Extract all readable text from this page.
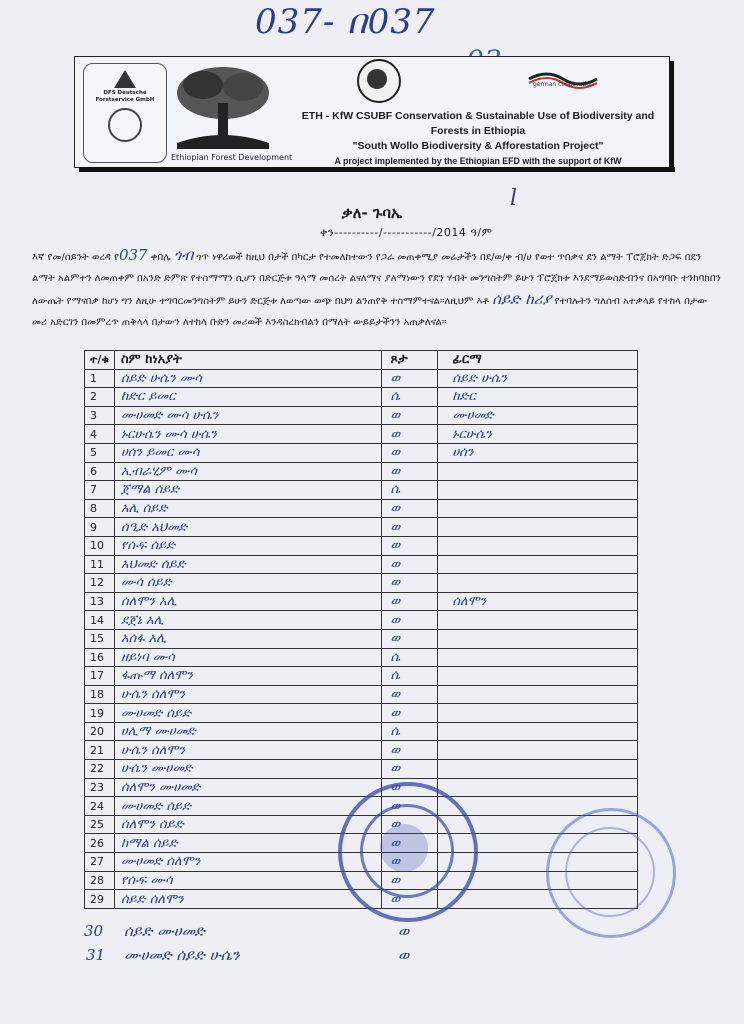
037- በ037
DFS Deutsche Forstservice GmbH
Ethiopian Forest Development
german cooperation
ETH - KfW CSUBF Conservation & Sustainable Use of Biodiversity and Forests in Ethiopia
"South Wollo Biodiversity & Afforestation Project"
A project implemented by the Ethiopian EFD with the support of KfW
l
ቃለ- ጉባኤ
ቀን----------/-----------/2014 ዓ/ም
እኛ የመ/ሰይንት ወረዳ የ037 ቀበሌ ጎብ ጎጥ ነዋሪወች ከዚህ በታች በካርታ የተመለከተውን የጋራ መጠቀሚያ መሬታችን በደ/ወ/ቀ ብ/ሀ የወተ ጥበቃና ደን ልማት ፐሮጀክት ድጋፍ በደን ልማት አልምተን ለመጠቀም በአንድ ድምጽ የተስማማን ሲሆን በድርጅቱ ዓላማ መሰረት ልናለማና ያለማነውን የደን ሃብት መንግስትም ይሁን ፕሮጀክቱ እንደማይወስድብንና በአግባቡ ተንከባክበን ለውጤት የማናበቃ ከሆነ ግን ለዚሁ ተግባርመንግስትም ይሁን ድርጅቱ ለወጣው ወጭ በህግ ልንጠየቅ ተስማምተናል።ለዚህም እቶ ሰይድ ከሪያ የተባሉትን ግለሰብ አተቃላይ የተከላ በታው መሪ አድርገን በመምረጥ ጠቅላላ በታውን ለተከላ ቡድን መሪወች እንዳስረክብልን በማለት ውይይታችንን አጠቃለናል።
ተ/ቁ	ስም ከነአያት	ጾታ	ፊርማ
1	ሰይድ ሁሴን ሙሳ	ወ	ሰይድ ሁሴን
2	ከድር ይመር	ሴ	ከድር
3	ሙሀመድ ሙሳ ሁሴን	ወ	ሙሀመድ
4	ኑርሁሴን ሙሳ ሁሴን	ወ	ኑርሁሴን
5	ሀሰን ይመር ሙሳ	ወ	ሀሰን
6	ኢብራሂም ሙሳ	ወ	
7	ጀማል ሰይድ	ሴ	
8	አሊ ሰይድ	ወ	
9	ሰዒድ አህመድ	ወ	
10	የሱፍ ሰይድ	ወ	
11	አህመድ ሰይድ	ወ	
12	ሙሳ ሰይድ	ወ	
13	ሰለሞን አሊ	ወ	ሰለሞን
14	ደጀኔ አሊ	ወ	
15	አሰፋ አሊ	ወ	
16	ዘይነባ ሙሳ	ሴ	
17	ፋጡማ ሰለሞን	ሴ	
18	ሁሴን ሰለሞን	ወ	
19	ሙሀመድ ሰይድ	ወ	
20	ሀሊማ ሙሀመድ	ሴ	
21	ሁሴን ሰለሞን	ወ	
22	ሁሴን ሙሀመድ	ወ	
23	ሰለሞን ሙሀመድ	ወ	
24	ሙሀመድ ሰይድ	ወ	
25	ሰለሞን ሰይድ	ወ	
26	ከማል ሰይድ	ወ	
27	ሙሀመድ ሰለሞን	ወ	
28	የሱፍ ሙሳ	ወ	
29	ሰይድ ሰለሞን	ወ	
30 ሰይድ ሙሀመድ	ወ
31 ሙሀመድ ሰይድ ሁሴን	ወ
